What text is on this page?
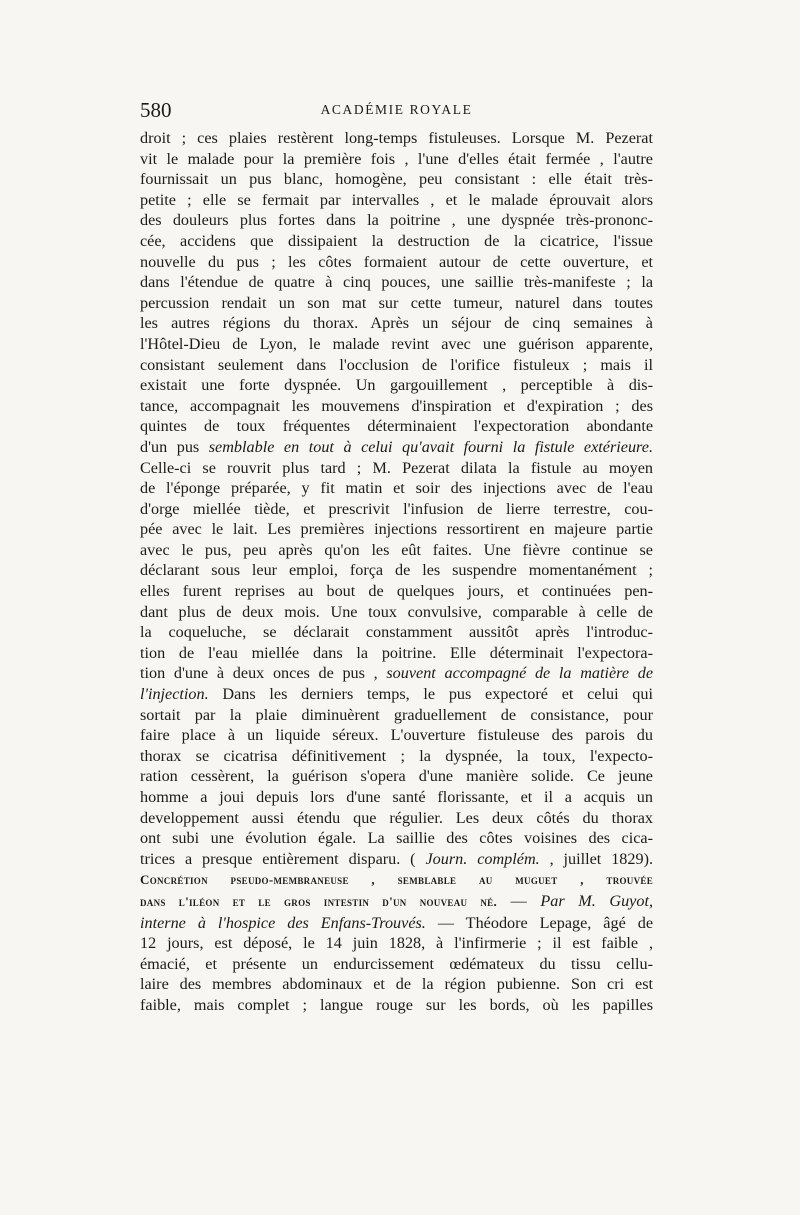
580	ACADÉMIE ROYALE
droit ; ces plaies restèrent long-temps fistuleuses. Lorsque M. Pezerat
vit le malade pour la première fois , l'une d'elles était fermée , l'autre
fournissait un pus blanc, homogène, peu consistant : elle était très-
petite ; elle se fermait par intervalles , et le malade éprouvait alors
des douleurs plus fortes dans la poitrine , une dyspnée très-prononc-
cée, accidens que dissipaient la destruction de la cicatrice, l'issue
nouvelle du pus ; les côtes formaient autour de cette ouverture, et
dans l'étendue de quatre à cinq pouces, une saillie très-manifeste ; la
percussion rendait un son mat sur cette tumeur, naturel dans toutes
les autres régions du thorax. Après un séjour de cinq semaines à
l'Hôtel-Dieu de Lyon, le malade revint avec une guérison apparente,
consistant seulement dans l'occlusion de l'orifice fistuleux ; mais il
existait une forte dyspnée. Un gargouillement , perceptible à dis-
tance, accompagnait les mouvemens d'inspiration et d'expiration ; des
quintes de toux fréquentes déterminaient l'expectoration abondante
d'un pus semblable en tout à celui qu'avait fourni la fistule extérieure.
Celle-ci se rouvrit plus tard ; M. Pezerat dilata la fistule au moyen
de l'éponge préparée, y fit matin et soir des injections avec de l'eau
d'orge miellée tiède, et prescrivit l'infusion de lierre terrestre, cou-
pée avec le lait. Les premières injections ressortirent en majeure partie
avec le pus, peu après qu'on les eût faites. Une fièvre continue se
déclarant sous leur emploi, força de les suspendre momentanément ;
elles furent reprises au bout de quelques jours, et continuées pen-
dant plus de deux mois. Une toux convulsive, comparable à celle de
la coqueluche, se déclarait constamment aussitôt après l'introduc-
tion de l'eau miellée dans la poitrine. Elle déterminait l'expectora-
tion d'une à deux onces de pus , souvent accompagné de la matière de
l'injection. Dans les derniers temps, le pus expectoré et celui qui
sortait par la plaie diminuèrent graduellement de consistance, pour
faire place à un liquide séreux. L'ouverture fistuleuse des parois du
thorax se cicatrisa définitivement ; la dyspnée, la toux, l'expecto-
ration cessèrent, la guérison s'opera d'une manière solide. Ce jeune
homme a joui depuis lors d'une santé florissante, et il a acquis un
developpement aussi étendu que régulier. Les deux côtés du thorax
ont subi une évolution égale. La saillie des côtes voisines des cica-
trices a presque entièrement disparu. ( Journ. complém. , juillet 1829).
Concrétion pseudo-membraneuse , semblable au muguet , trouvée
dans l'iléon et le gros intestin d'un nouveau né. — Par M. Guyot,
interne à l'hospice des Enfans-Trouvés. — Théodore Lepage, âgé de
12 jours, est déposé, le 14 juin 1828, à l'infirmerie ; il est faible ,
émacié, et présente un endurcissement œdémateux du tissu cellu-
laire des membres abdominaux et de la région pubienne. Son cri est
faible, mais complet ; langue rouge sur les bords, où les papilles
